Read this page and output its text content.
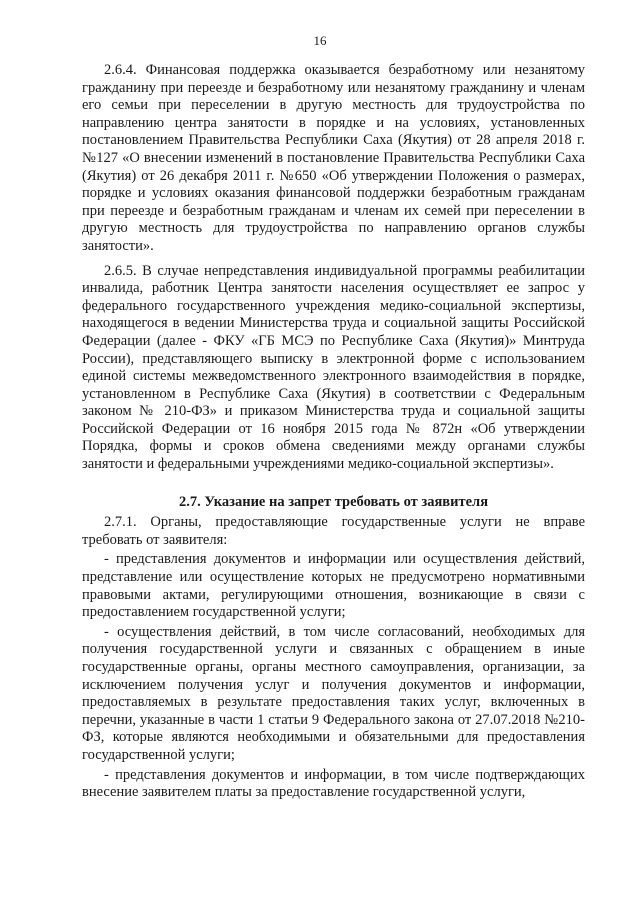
16

2.6.4. Финансовая поддержка оказывается безработному или незанятому гражданину при переезде и безработному или незанятому гражданину и членам его семьи при переселении в другую местность для трудоустройства по направлению центра занятости в порядке и на условиях, установленных постановлением Правительства Республики Саха (Якутия) от 28 апреля 2018 г. №127 «О внесении изменений в постановление Правительства Республики Саха (Якутия) от 26 декабря 2011 г. №650 «Об утверждении Положения о размерах, порядке и условиях оказания финансовой поддержки безработным гражданам при переезде и безработным гражданам и членам их семей при переселении в другую местность для трудоустройства по направлению органов службы занятости».

2.6.5. В случае непредставления индивидуальной программы реабилитации инвалида, работник Центра занятости населения осуществляет ее запрос у федерального государственного учреждения медико-социальной экспертизы, находящегося в ведении Министерства труда и социальной защиты Российской Федерации (далее - ФКУ «ГБ МСЭ по Республике Саха (Якутия)» Минтруда России), представляющего выписку в электронной форме с использованием единой системы межведомственного электронного взаимодействия в порядке, установленном в Республике Саха (Якутия) в соответствии с Федеральным законом № 210-ФЗ» и приказом Министерства труда и социальной защиты Российской Федерации от 16 ноября 2015 года № 872н «Об утверждении Порядка, формы и сроков обмена сведениями между органами службы занятости и федеральными учреждениями медико-социальной экспертизы».

2.7. Указание на запрет требовать от заявителя

2.7.1. Органы, предоставляющие государственные услуги не вправе требовать от заявителя:

- представления документов и информации или осуществления действий, представление или осуществление которых не предусмотрено нормативными правовыми актами, регулирующими отношения, возникающие в связи с предоставлением государственной услуги;

- осуществления действий, в том числе согласований, необходимых для получения государственной услуги и связанных с обращением в иные государственные органы, органы местного самоуправления, организации, за исключением получения услуг и получения документов и информации, предоставляемых в результате предоставления таких услуг, включенных в перечни, указанные в части 1 статьи 9 Федерального закона от 27.07.2018 №210-ФЗ, которые являются необходимыми и обязательными для предоставления государственной услуги;

- представления документов и информации, в том числе подтверждающих внесение заявителем платы за предоставление государственной услуги,
